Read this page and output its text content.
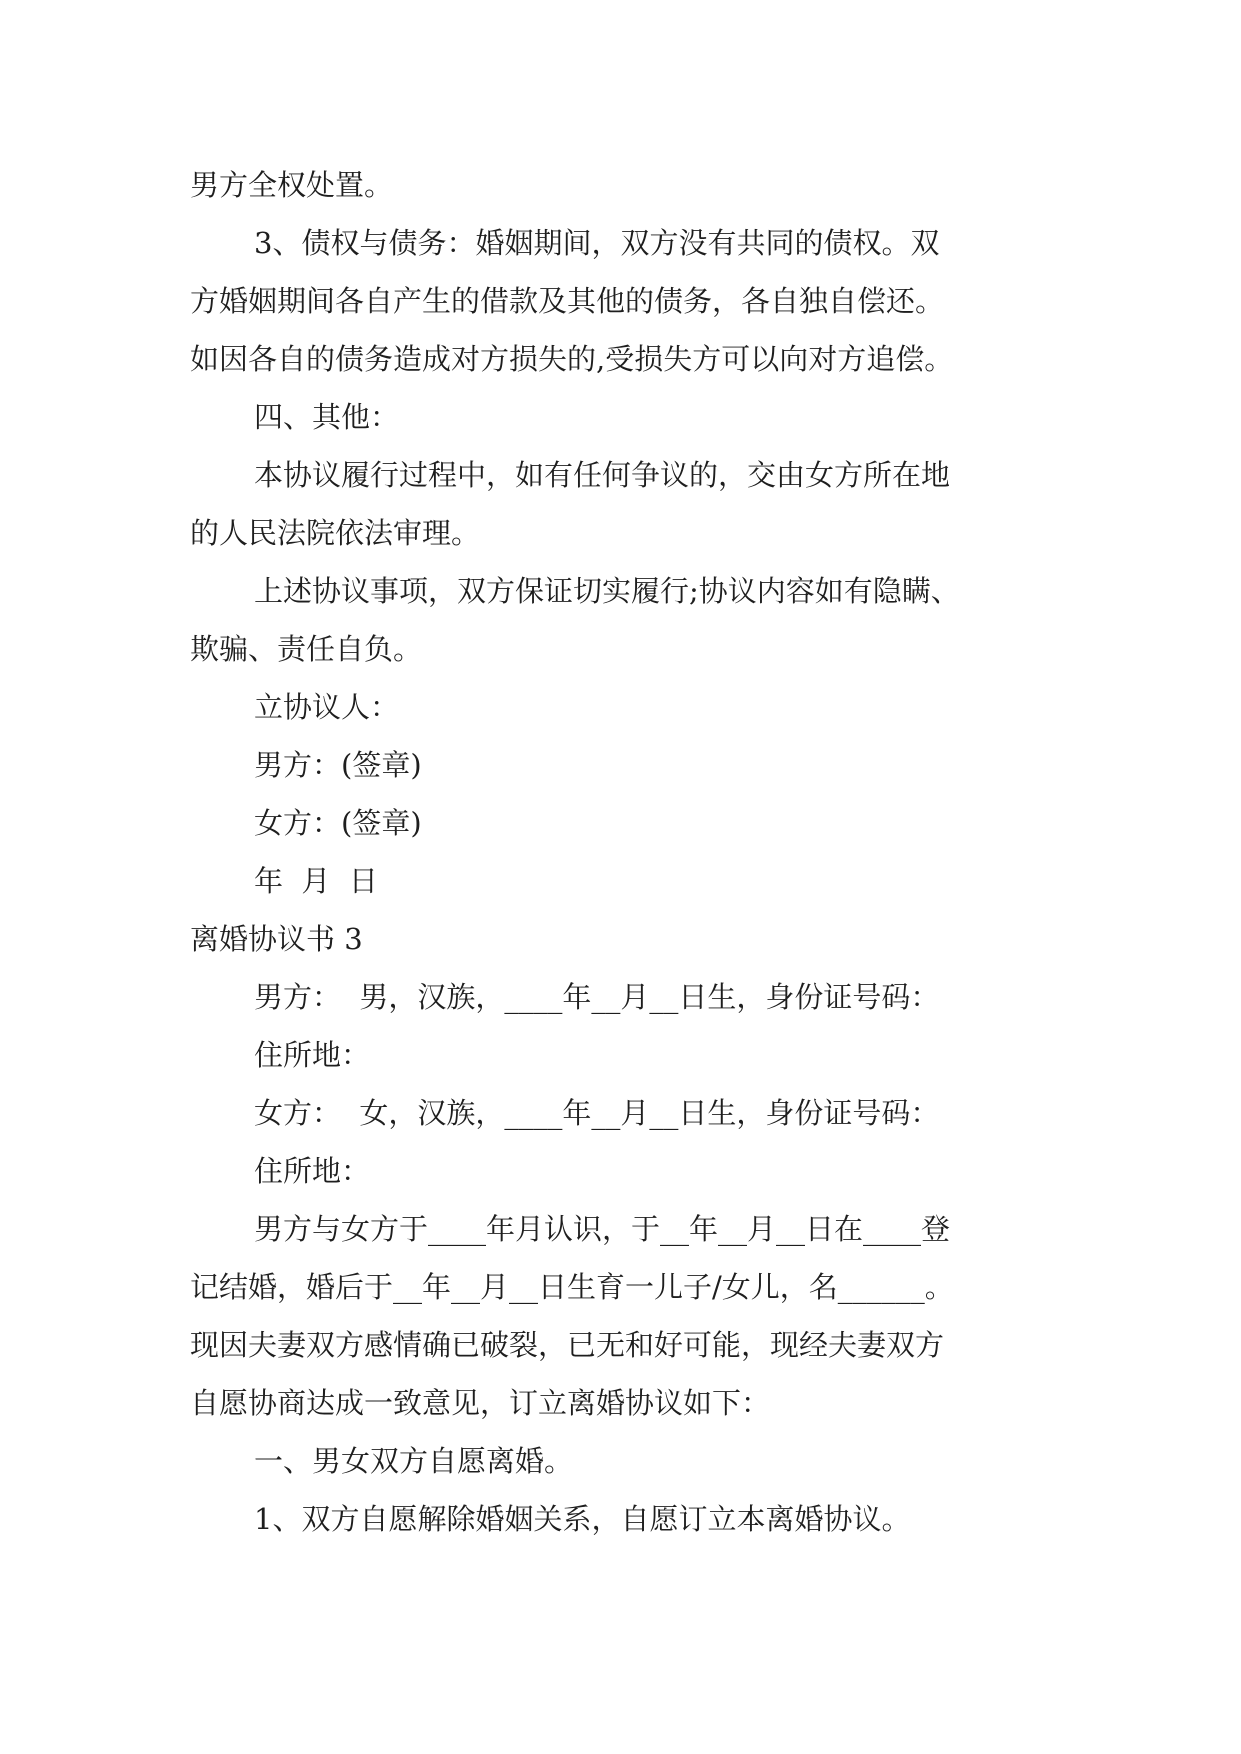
男方全权处置。
3、债权与债务：婚姻期间，双方没有共同的债权。双
方婚姻期间各自产生的借款及其他的债务，各自独自偿还。
如因各自的债务造成对方损失的,受损失方可以向对方追偿。
四、其他：
本协议履行过程中，如有任何争议的，交由女方所在地
的人民法院依法审理。
上述协议事项，双方保证切实履行;协议内容如有隐瞒、
欺骗、责任自负。
立协议人：
男方：(签章)
女方：(签章)
年  月  日
离婚协议书 3
男方：  男，汉族，____年__月__日生，身份证号码：
住所地：
女方：  女，汉族，____年__月__日生，身份证号码：
住所地：
男方与女方于____年月认识，于__年__月__日在____登
记结婚，婚后于__年__月__日生育一儿子/女儿，名______。
现因夫妻双方感情确已破裂，已无和好可能，现经夫妻双方
自愿协商达成一致意见，订立离婚协议如下：
一、男女双方自愿离婚。
1、双方自愿解除婚姻关系，自愿订立本离婚协议。
